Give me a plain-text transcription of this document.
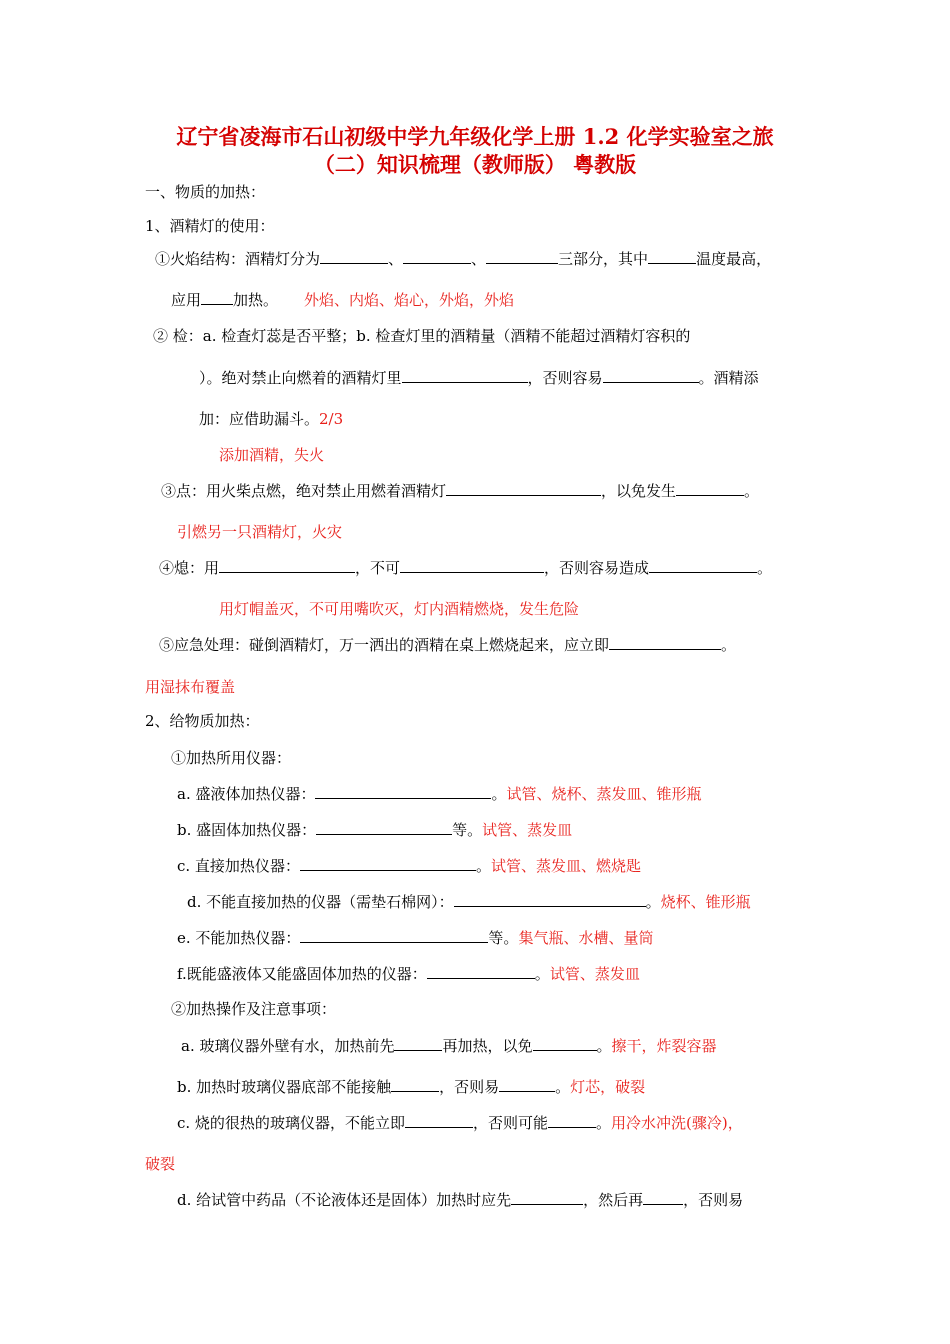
辽宁省凌海市石山初级中学九年级化学上册 1.2 化学实验室之旅
（二）知识梳理（教师版） 粤教版
一、物质的加热：
1、酒精灯的使用：
①火焰结构：酒精灯分为	、	、	三部分，其中	温度最高，
应用 加热。 外焰、内焰、焰心，外焰，外焰
② 检：a. 检查灯蕊是否平整；b. 检查灯里的酒精量（酒精不能超过酒精灯容积的
）。绝对禁止向燃着的酒精灯里	，否则容易	。酒精添
加：应借助漏斗。2/3
添加酒精，失火
③点：用火柴点燃，绝对禁止用燃着酒精灯	，以免发生	。
引燃另一只酒精灯，火灾
④熄：用	，不可	，否则容易造成	。
用灯帽盖灭，不可用嘴吹灭，灯内酒精燃烧，发生危险
⑤应急处理：碰倒酒精灯，万一洒出的酒精在桌上燃烧起来，应立即	。
用湿抹布覆盖
2、给物质加热：
①加热所用仪器：
a. 盛液体加热仪器：	。试管、烧杯、蒸发皿、锥形瓶
b. 盛固体加热仪器：	等。试管、蒸发皿
c. 直接加热仪器：	。试管、蒸发皿、燃烧匙
d. 不能直接加热的仪器（需垫石棉网）：	。烧杯、锥形瓶
e. 不能加热仪器：	等。集气瓶、水槽、量筒
f.既能盛液体又能盛固体加热的仪器：	。试管、蒸发皿
②加热操作及注意事项：
a. 玻璃仪器外壁有水，加热前先	再加热，以免	。擦干，炸裂容器
b. 加热时玻璃仪器底部不能接触	，否则易	。灯芯，破裂
c. 烧的很热的玻璃仪器，不能立即	，否则可能	。用冷水冲洗(骤冷)，
破裂
d. 给试管中药品（不论液体还是固体）加热时应先	，然后再	，否则易
